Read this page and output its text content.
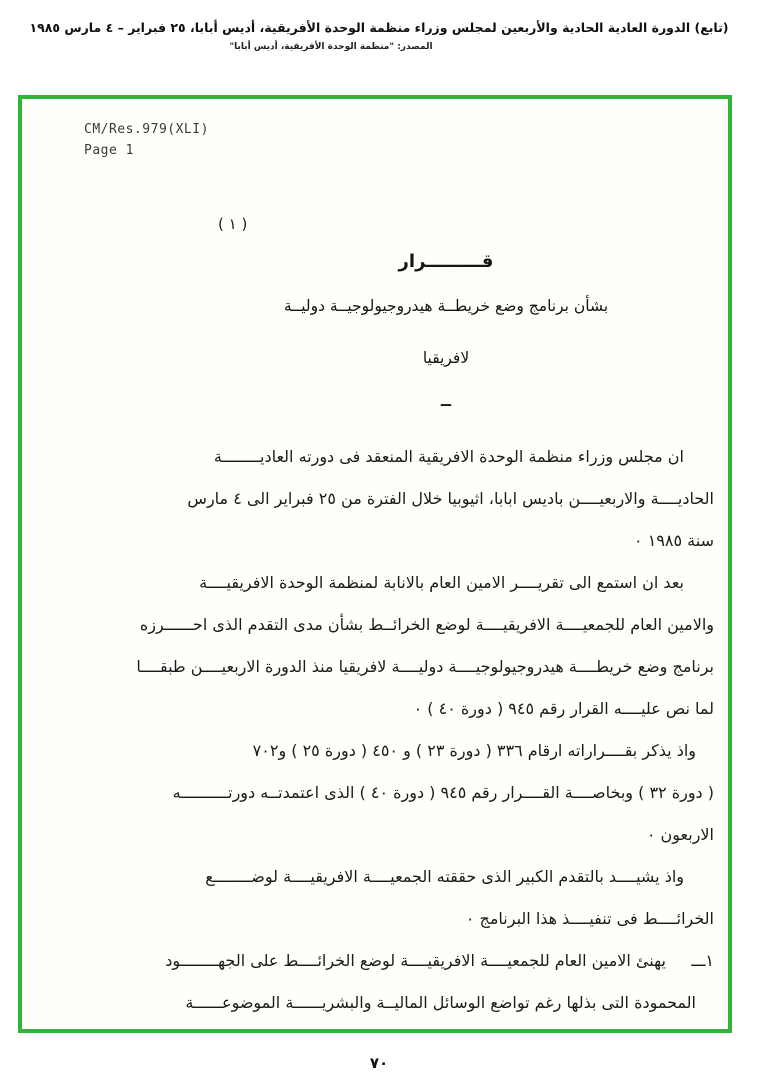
(تابع) الدورة العادية الحادية والأربعين لمجلس وزراء منظمة الوحدة الأفريقية، أديس أبابا، ٢٥ فبراير – ٤ مارس ١٩٨٥
المصدر: "منظمة الوحدة الأفريقية، أديس أبابا"
CM/Res.979(XLI)
Page 1
( ١ )
قـــــــــرار
بشأن برنامج وضع خريطــة هيدروجيولوجيــة دوليــة
لافريقيا
ــ
ان مجلس وزراء منظمة الوحدة الافريقية المنعقد فى دورته العاديــــــــة
الحاديــــة والاربعيــــن باديس ابابا، اثيوبيا خلال الفترة من ٢٥ فبراير الى ٤ مارس
سنة ١٩٨٥ ٠
بعد ان استمع الى تقريــــر الامين العام بالانابة لمنظمة الوحدة الافريقيــــة
والامين العام للجمعيــــة الافريقيــــة لوضع الخرائــط بشأن مدى التقدم الذى احــــــرزه
برنامج وضع خريطــــة هيدروجيولوجيــــة دوليــــة لافريقيا منذ الدورة الاربعيــــن طبقــــا
لما نص عليــــه القرار رقم ٩٤٥ ( دورة ٤٠ ) ٠
واذ يذكر بقــــراراته ارقام ٣٣٦ ( دورة ٢٣ ) و ٤٥٠ ( دورة ٢٥ ) و٧٠٢
( دورة ٣٢ ) وبخاصــــة القــــرار رقم ٩٤٥ ( دورة ٤٠ ) الذى اعتمدتــه دورتــــــــــه
الاربعون ٠
واذ يشيــــد بالتقدم الكبير الذى حققته الجمعيــــة الافريقيــــة لوضــــــــع
الخرائــــط فى تنفيــــذ هذا البرنامج ٠
١ـــ     يهنئ الامين العام للجمعيــــة الافريقيــــة لوضع الخرائــــط على الجهــــــــود
المحمودة التى بذلها رغم تواضع الوسائل الماليــة والبشريــــــة الموضوعــــــة
٧٠
